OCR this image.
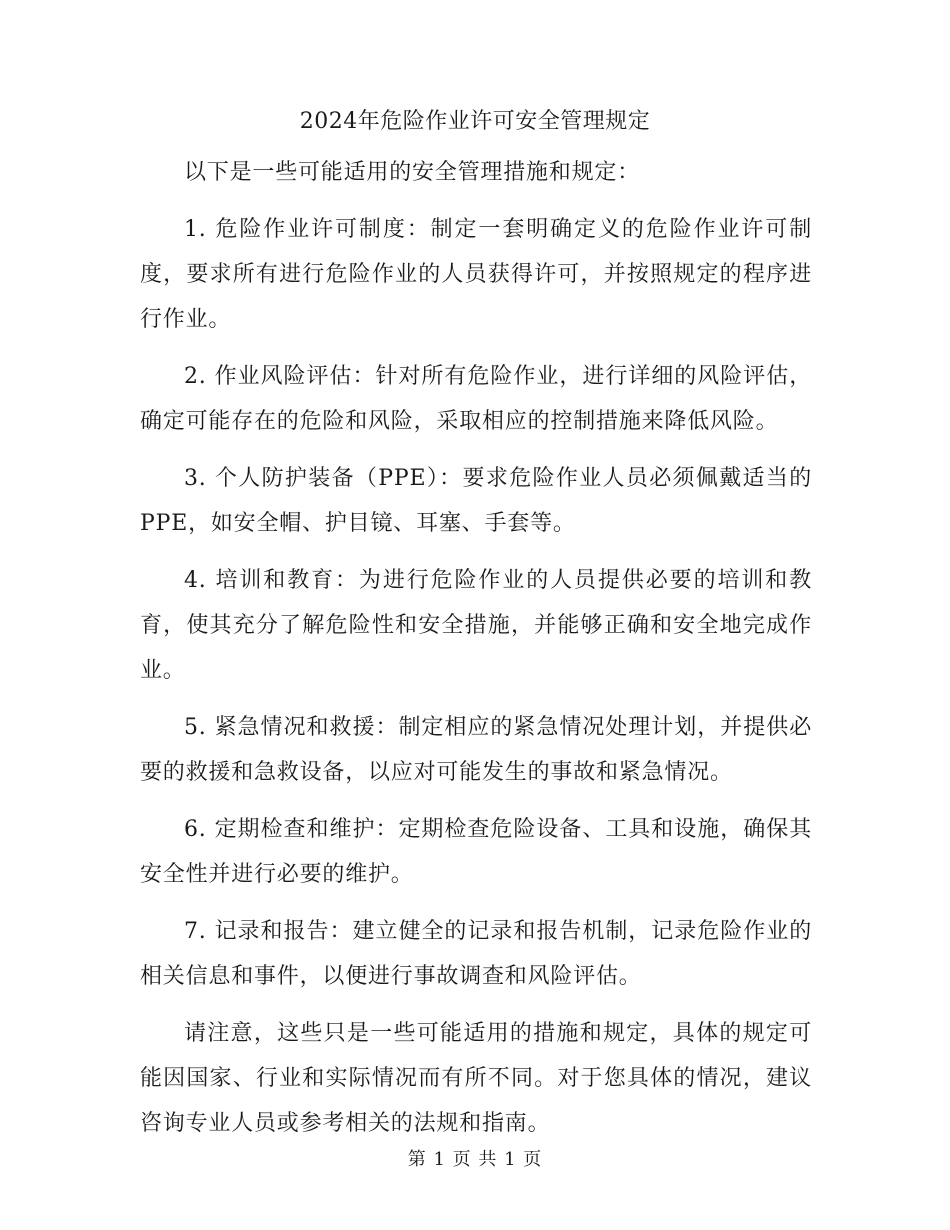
2024年危险作业许可安全管理规定

以下是一些可能适用的安全管理措施和规定：

1. 危险作业许可制度：制定一套明确定义的危险作业许可制度，要求所有进行危险作业的人员获得许可，并按照规定的程序进行作业。

2. 作业风险评估：针对所有危险作业，进行详细的风险评估，确定可能存在的危险和风险，采取相应的控制措施来降低风险。

3. 个人防护装备（PPE）：要求危险作业人员必须佩戴适当的PPE，如安全帽、护目镜、耳塞、手套等。

4. 培训和教育：为进行危险作业的人员提供必要的培训和教育，使其充分了解危险性和安全措施，并能够正确和安全地完成作业。

5. 紧急情况和救援：制定相应的紧急情况处理计划，并提供必要的救援和急救设备，以应对可能发生的事故和紧急情况。

6. 定期检查和维护：定期检查危险设备、工具和设施，确保其安全性并进行必要的维护。

7. 记录和报告：建立健全的记录和报告机制，记录危险作业的相关信息和事件，以便进行事故调查和风险评估。

请注意，这些只是一些可能适用的措施和规定，具体的规定可能因国家、行业和实际情况而有所不同。对于您具体的情况，建议咨询专业人员或参考相关的法规和指南。

第 1 页 共 1 页
